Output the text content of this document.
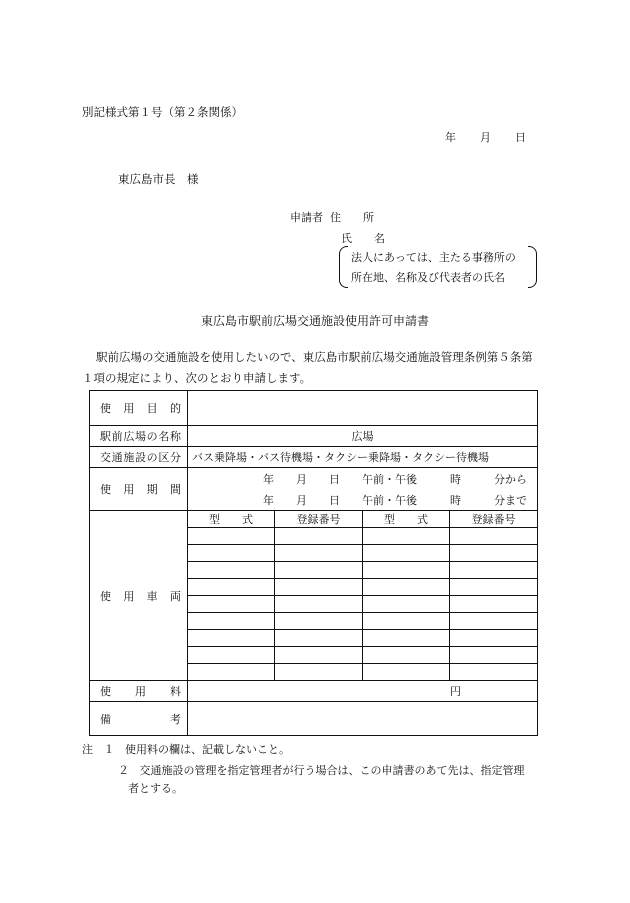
別記様式第１号（第２条関係）
年 月 日
東広島市長　様
申請者 住　　所
氏　　名
法人にあっては、主たる事務所の
所在地、名称及び代表者の氏名
東広島市駅前広場交通施設使用許可申請書
駅前広場の交通施設を使用したいので、東広島市駅前広場交通施設管理条例第５条第
１項の規定により、次のとおり申請します。
使　用　目　的				
駅前広場の名称	広場			
交通施設の区分	バス乗降場・バス待機場・タクシー乗降場・タクシー待機場			
使　用　期　間	年　　月　　日　　午前・午後　　　時　　　分から			
	年　　月　　日　　午前・午後　　　時　　　分まで			
使　用　車　両	型　　式	登録番号	型　　式	登録番号

使　　用　　料	円			
備　　　　　考				
注 １ 使用料の欄は、記載しないこと。
２ 交通施設の管理を指定管理者が行う場合は、この申請書のあて先は、指定管理
者とする。
